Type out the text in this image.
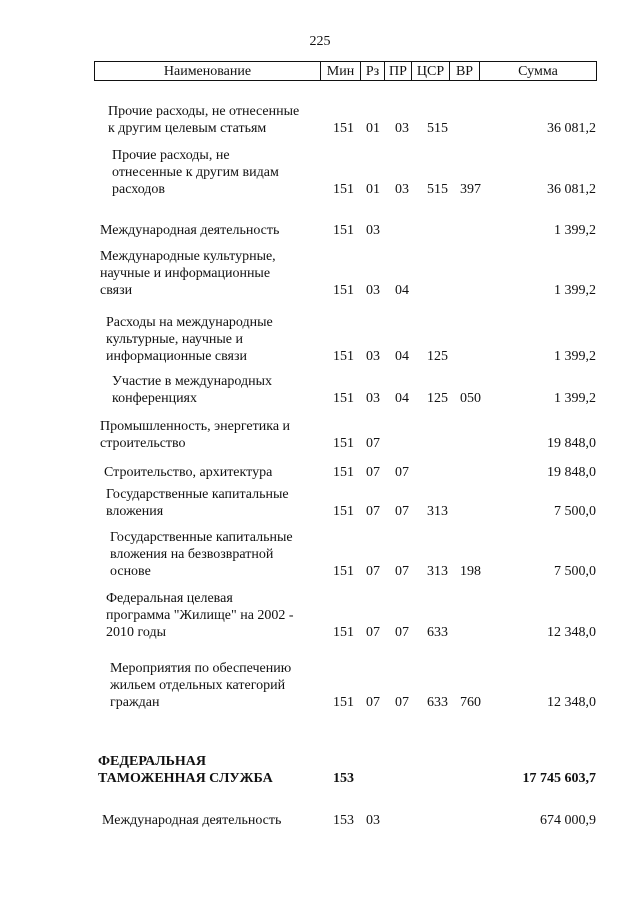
225
Наименование	Мин Рз ПР ЦСР ВР	Сумма
Прочие расходы, не отнесенные
к другим целевым статьям	151 01 03 515	36 081,2
Прочие расходы, не
отнесенные к другим видам
расходов	151 01 03 515 397	36 081,2
Международная деятельность	151 03	1 399,2
Международные культурные,
научные и информационные
связи	151 03 04	1 399,2
Расходы на международные
культурные, научные и
информационные связи	151 03 04 125	1 399,2
Участие в международных
конференциях	151 03 04 125 050	1 399,2
Промышленность, энергетика и
строительство	151 07	19 848,0
Строительство, архитектура	151 07 07	19 848,0
Государственные капитальные
вложения	151 07 07 313	7 500,0
Государственные капитальные
вложения на безвозвратной
основе	151 07 07 313 198	7 500,0
Федеральная целевая
программа "Жилище" на 2002 -
2010 годы	151 07 07 633	12 348,0
Мероприятия по обеспечению
жильем отдельных категорий
граждан	151 07 07 633 760	12 348,0
ФЕДЕРАЛЬНАЯ
ТАМОЖЕННАЯ СЛУЖБА	153	17 745 603,7
Международная деятельность	153 03	674 000,9
